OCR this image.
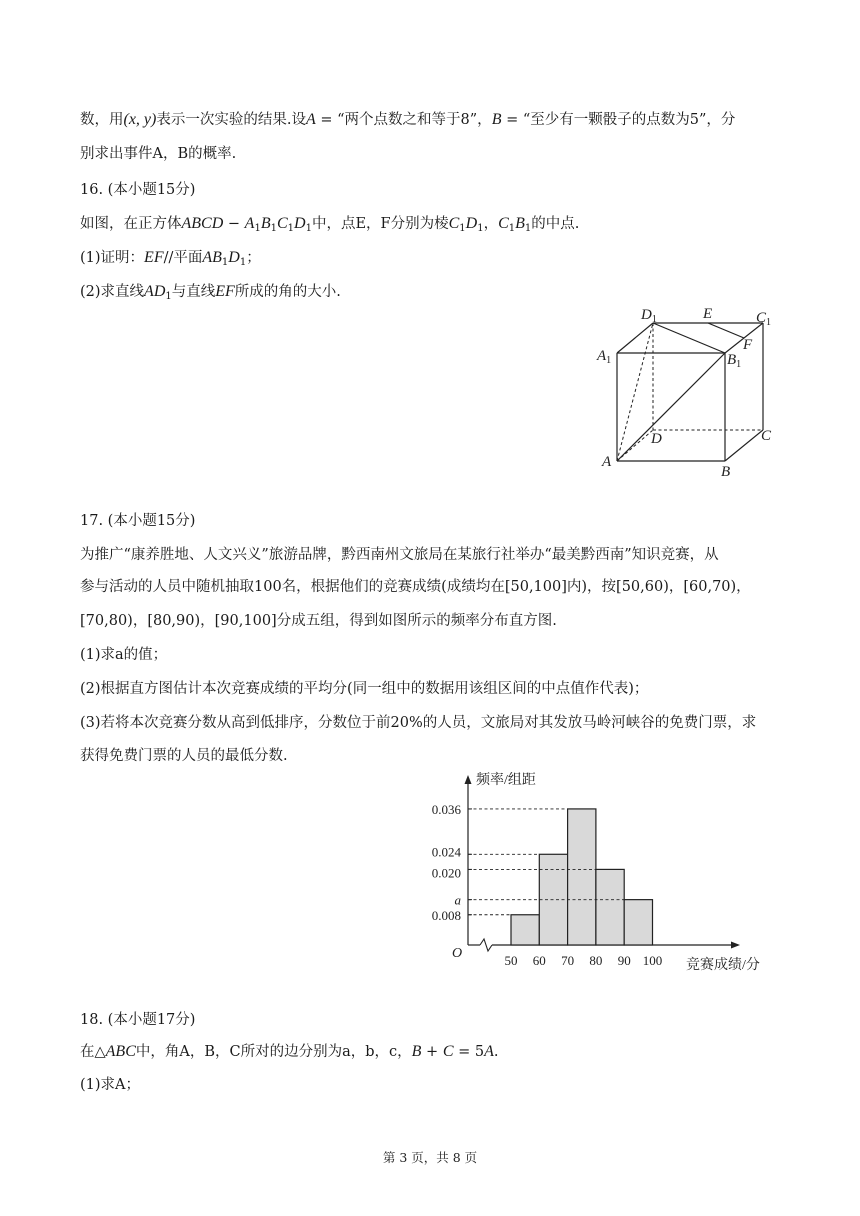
数，用(x, y)表示一次实验的结果.设A = “两个点数之和等于8”，B = “至少有一颗骰子的点数为5”，分
别求出事件A，B的概率.
16. (本小题15分)
如图，在正方体ABCD − $A_1B_1C_1D_1$中，点E，F分别为棱$C_1D_1$，$C_1B_1$的中点.
(1)证明：EF//平面$AB_1D_1$；
(2)求直线$AD_1$与直线EF所成的角的大小.
$D_1$	E	$C_1$
$A_1$	$B_1$
F
D	C
A
B
17. (本小题15分)
为推广“康养胜地、人文兴义”旅游品牌，黔西南州文旅局在某旅行社举办“最美黔西南”知识竞赛，从
参与活动的人员中随机抽取100名，根据他们的竞赛成绩(成绩均在[50,100]内)，按[50,60)，[60,70)，
[70,80)，[80,90)，[90,100]分成五组，得到如图所示的频率分布直方图.
(1)求a的值；
(2)根据直方图估计本次竞赛成绩的平均分(同一组中的数据用该组区间的中点值作代表)；
(3)若将本次竞赛分数从高到低排序，分数位于前20%的人员，文旅局对其发放马岭河峡谷的免费门票，求
获得免费门票的人员的最低分数.
0.008
0.024
0.036
0.020
a
50 60 70 80 90 100
O
频率/组距
竞赛成绩/分
18. (本小题17分)
在△ABC中，角A，B，C所对的边分别为a，b，c，B + C = 5A.
(1)求A；
第 3 页，共 8 页
